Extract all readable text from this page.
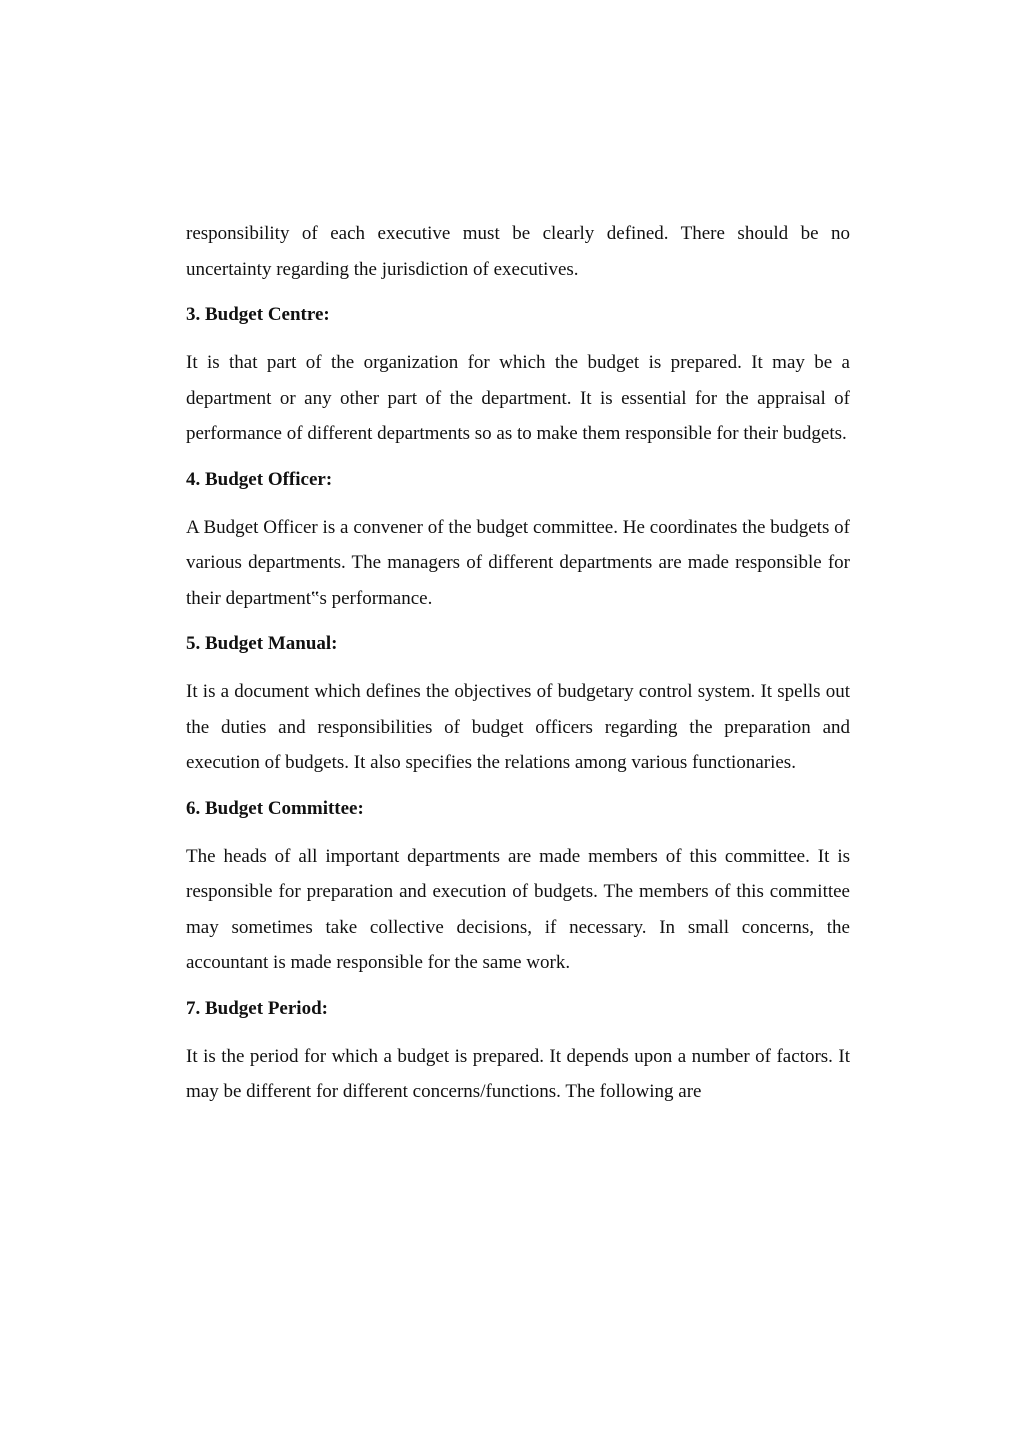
responsibility of each executive must be clearly defined. There should be no uncertainty regarding the jurisdiction of executives.

3. Budget Centre:

It is that part of the organization for which the budget is prepared. It may be a department or any other part of the department. It is essential for the appraisal of performance of different departments so as to make them responsible for their budgets.

4. Budget Officer:

A Budget Officer is a convener of the budget committee. He coordinates the budgets of various departments. The managers of different departments are made responsible for their department‟s performance.

5. Budget Manual:

It is a document which defines the objectives of budgetary control system. It spells out the duties and responsibilities of budget officers regarding the preparation and execution of budgets. It also specifies the relations among various functionaries.

6. Budget Committee:

The heads of all important departments are made members of this committee. It is responsible for preparation and execution of budgets. The members of this committee may sometimes take collective decisions, if necessary. In small concerns, the accountant is made responsible for the same work.

7. Budget Period:

It is the period for which a budget is prepared. It depends upon a number of factors. It may be different for different concerns/functions. The following are
